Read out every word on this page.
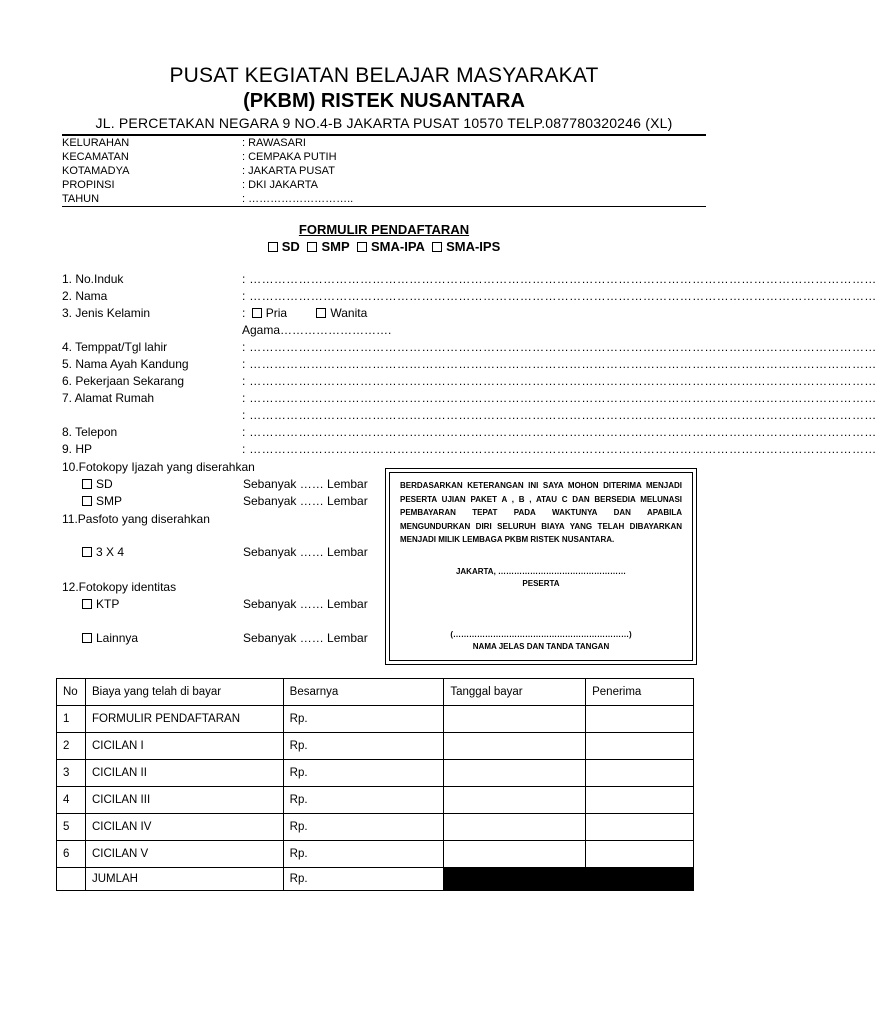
PUSAT KEGIATAN BELAJAR MASYARAKAT
(PKBM) RISTEK NUSANTARA
JL. PERCETAKAN NEGARA 9 NO.4-B JAKARTA PUSAT 10570 TELP.087780320246 (XL)
KELURAHAN	: RAWASARI
KECAMATAN	: CEMPAKA PUTIH
KOTAMADYA	: JAKARTA PUSAT
PROPINSI	: DKI JAKARTA
TAHUN	: ………………………..
FORMULIR PENDAFTARAN
SD SMP SMA-IPA SMA-IPS
1. No.Induk	: ………………………………………………………………………………………………………………………………………
2. Nama	: ………………………………………………………………………………………………………………………………………
3. Jenis Kelamin	: Pria	Wanita
Agama……………………….
4. Temppat/Tgl lahir	: ………………………………………………………………………………………………………………………………………
5. Nama Ayah Kandung	: ………………………………………………………………………………………………………………………………………
6. Pekerjaan Sekarang	: ………………………………………………………………………………………………………………………………………
7. Alamat Rumah	: ………………………………………………………………………………………………………………………………………
: ………………………………………………………………………………………………………………………………………
8. Telepon	: ………………………………………………………………………………………………………………………………………
9. HP	: ………………………………………………………………………………………………………………………………………
10.Fotokopy Ijazah yang diserahkan
SD	Sebanyak …… Lembar
SMP	Sebanyak …… Lembar
11.Pasfoto yang diserahkan
3 X 4	Sebanyak …… Lembar
12.Fotokopy identitas
KTP	Sebanyak …… Lembar
Lainnya	Sebanyak …… Lembar
BERDASARKAN KETERANGAN INI SAYA MOHON DITERIMA MENJADI PESERTA UJIAN PAKET A , B , ATAU C DAN BERSEDIA MELUNASI PEMBAYARAN TEPAT PADA WAKTUNYA DAN APABILA MENGUNDURKAN DIRI SELURUH BIAYA YANG TELAH DIBAYARKAN MENJADI MILIK LEMBAGA PKBM RISTEK NUSANTARA.
JAKARTA, …………………………………………
PESERTA
(…………………………………………………………)
NAMA JELAS DAN TANDA TANGAN
No	Biaya yang telah di bayar	Besarnya	Tanggal bayar	Penerima
1	FORMULIR PENDAFTARAN	Rp.		
2	CICILAN I	Rp.		
3	CICILAN II	Rp.		
4	CICILAN III	Rp.		
5	CICILAN IV	Rp.		
6	CICILAN V	Rp.		
	JUMLAH	Rp.		
